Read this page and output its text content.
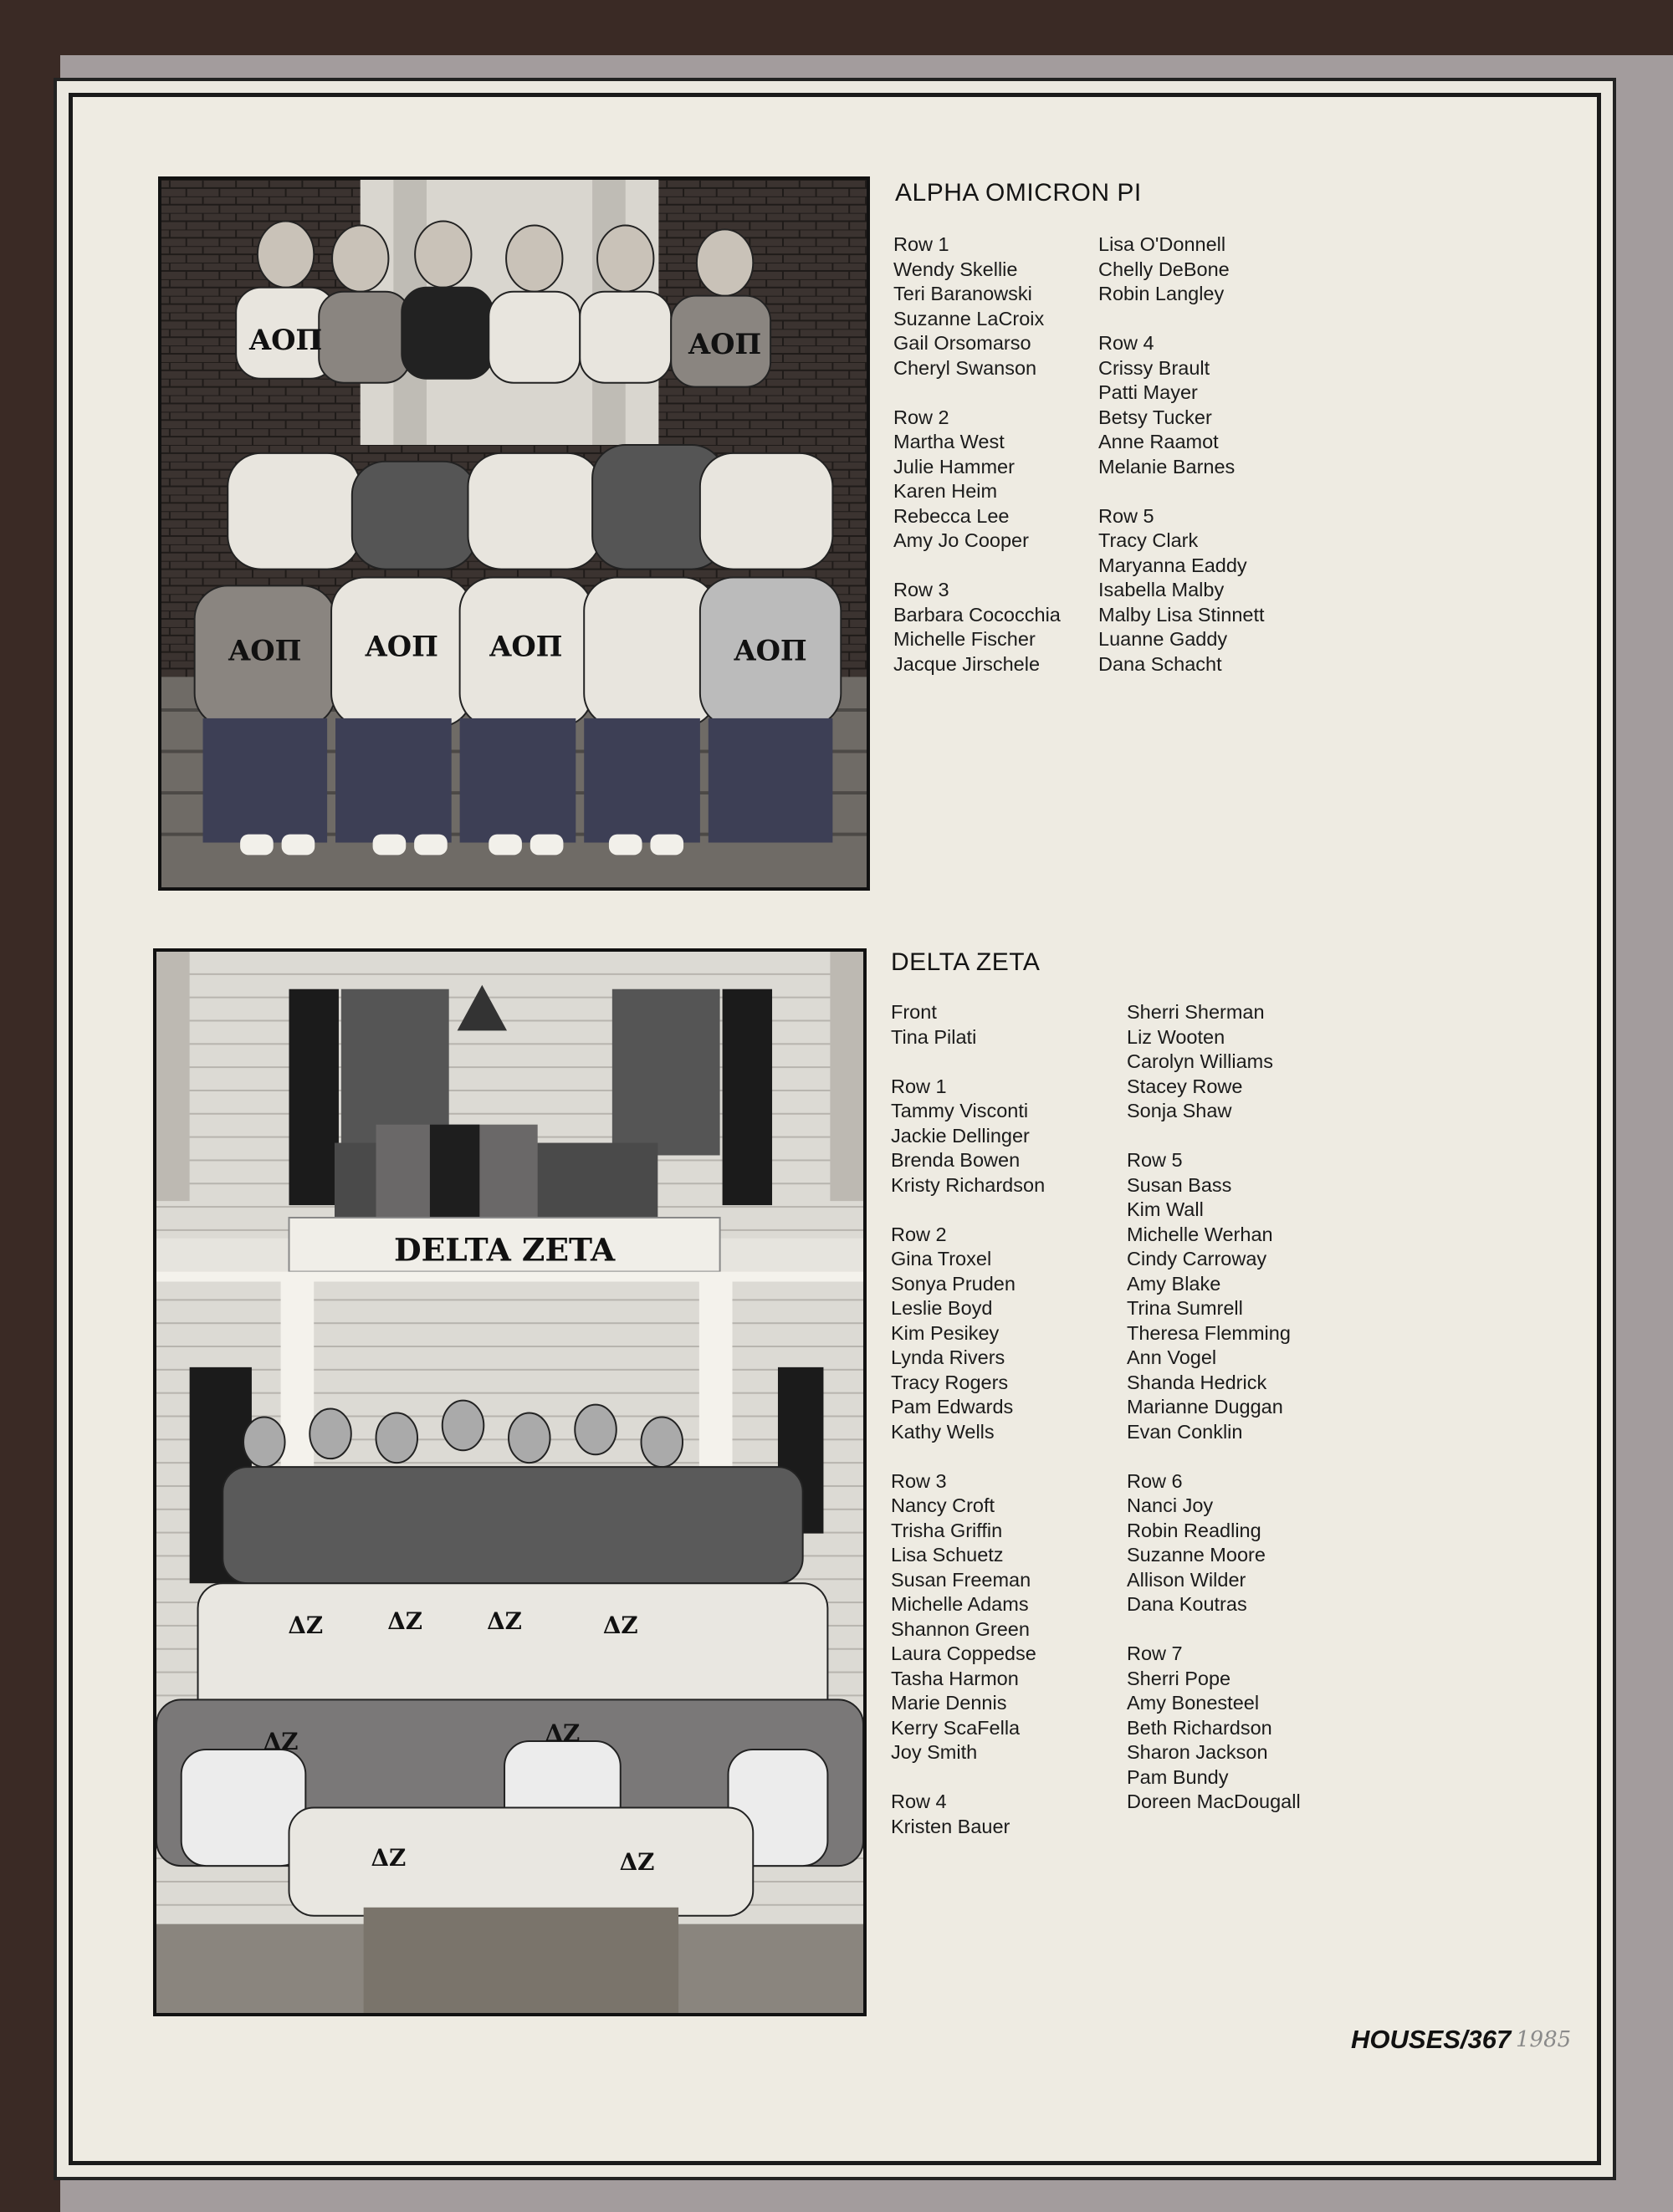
ΑΟΠ	ΑΟΠ
ΑΟΠ ΑΟΠ ΑΟΠ	ΑΟΠ
ALPHA OMICRON PI
Row 1
Wendy Skellie
Teri Baranowski
Suzanne LaCroix
Gail Orsomarso
Cheryl Swanson
Row 2
Martha West
Julie Hammer
Karen Heim
Rebecca Lee
Amy Jo Cooper
Row 3
Barbara Cococchia
Michelle Fischer
Jacque Jirschele
Lisa O'Donnell
Chelly DeBone
Robin Langley
Row 4
Crissy Brault
Patti Mayer
Betsy Tucker
Anne Raamot
Melanie Barnes
Row 5
Tracy Clark
Maryanna Eaddy
Isabella Malby
Malby Lisa Stinnett
Luanne Gaddy
Dana Schacht
DELTA ZETA
ΔΖ	ΔΖ	ΔΖ	ΔΖ
ΔΖ	ΔΖ
ΔΖ	ΔΖ
DELTA ZETA
Front
Tina Pilati
Row 1
Tammy Visconti
Jackie Dellinger
Brenda Bowen
Kristy Richardson
Row 2
Gina Troxel
Sonya Pruden
Leslie Boyd
Kim Pesikey
Lynda Rivers
Tracy Rogers
Pam Edwards
Kathy Wells
Row 3
Nancy Croft
Trisha Griffin
Lisa Schuetz
Susan Freeman
Michelle Adams
Shannon Green
Laura Coppedse
Tasha Harmon
Marie Dennis
Kerry ScaFella
Joy Smith
Row 4
Kristen Bauer
Sherri Sherman
Liz Wooten
Carolyn Williams
Stacey Rowe
Sonja Shaw
Row 5
Susan Bass
Kim Wall
Michelle Werhan
Cindy Carroway
Amy Blake
Trina Sumrell
Theresa Flemming
Ann Vogel
Shanda Hedrick
Marianne Duggan
Evan Conklin
Row 6
Nanci Joy
Robin Readling
Suzanne Moore
Allison Wilder
Dana Koutras
Row 7
Sherri Pope
Amy Bonesteel
Beth Richardson
Sharon Jackson
Pam Bundy
Doreen MacDougall
HOUSES/367 1985
